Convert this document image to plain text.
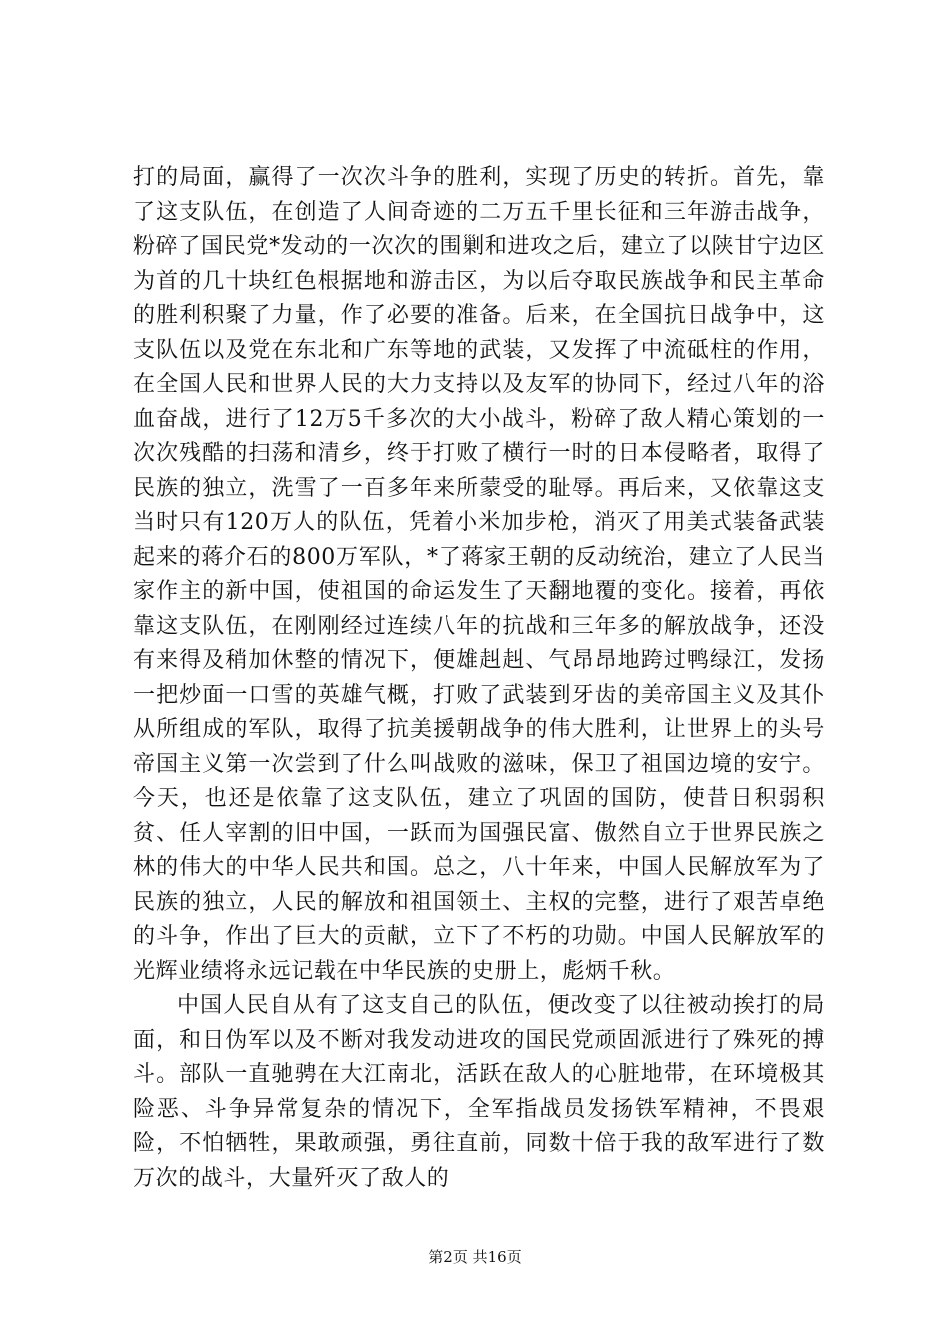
打的局面，赢得了一次次斗争的胜利，实现了历史的转折。首先，靠了这支队伍，在创造了人间奇迹的二万五千里长征和三年游击战争，粉碎了国民党*发动的一次次的围剿和进攻之后，建立了以陕甘宁边区为首的几十块红色根据地和游击区，为以后夺取民族战争和民主革命的胜利积聚了力量，作了必要的准备。后来，在全国抗日战争中，这支队伍以及党在东北和广东等地的武装，又发挥了中流砥柱的作用，在全国人民和世界人民的大力支持以及友军的协同下，经过八年的浴血奋战，进行了12万5千多次的大小战斗，粉碎了敌人精心策划的一次次残酷的扫荡和清乡，终于打败了横行一时的日本侵略者，取得了民族的独立，洗雪了一百多年来所蒙受的耻辱。再后来，又依靠这支当时只有120万人的队伍，凭着小米加步枪，消灭了用美式装备武装起来的蒋介石的800万军队，*了蒋家王朝的反动统治，建立了人民当家作主的新中国，使祖国的命运发生了天翻地覆的变化。接着，再依靠这支队伍，在刚刚经过连续八年的抗战和三年多的解放战争，还没有来得及稍加休整的情况下，便雄赳赳、气昂昂地跨过鸭绿江，发扬一把炒面一口雪的英雄气概，打败了武装到牙齿的美帝国主义及其仆从所组成的军队，取得了抗美援朝战争的伟大胜利，让世界上的头号帝国主义第一次尝到了什么叫战败的滋味，保卫了祖国边境的安宁。今天，也还是依靠了这支队伍，建立了巩固的国防，使昔日积弱积贫、任人宰割的旧中国，一跃而为国强民富、傲然自立于世界民族之林的伟大的中华人民共和国。总之，八十年来，中国人民解放军为了民族的独立，人民的解放和祖国领土、主权的完整，进行了艰苦卓绝的斗争，作出了巨大的贡献，立下了不朽的功勋。中国人民解放军的光辉业绩将永远记载在中华民族的史册上，彪炳千秋。

中国人民自从有了这支自己的队伍，便改变了以往被动挨打的局面，和日伪军以及不断对我发动进攻的国民党顽固派进行了殊死的搏斗。部队一直驰骋在大江南北，活跃在敌人的心脏地带，在环境极其险恶、斗争异常复杂的情况下，全军指战员发扬铁军精神，不畏艰险，不怕牺牲，果敢顽强，勇往直前，同数十倍于我的敌军进行了数万次的战斗，大量歼灭了敌人的

第2页 共16页
